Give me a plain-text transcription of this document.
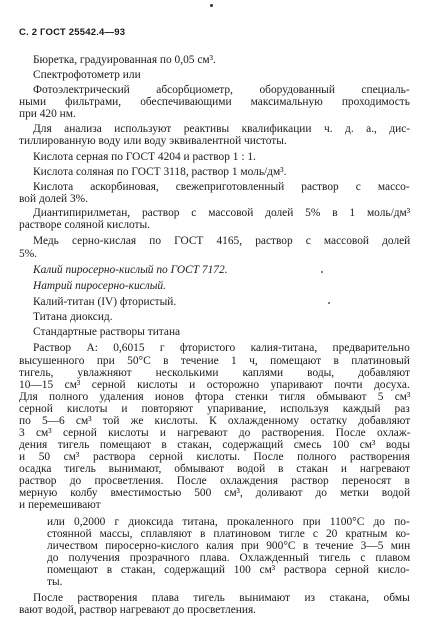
С. 2 ГОСТ 25542.4—93
Бюретка, градуированная по 0,05 см³.
Спектрофотометр или
Фотоэлектрический абсорбциометр, оборудованный специаль-
ными фильтрами, обеспечивающими максимальную проходимость
при 420 нм.
Для анализа используют реактивы квалификации ч. д. а., дис-
тиллированную воду или воду эквивалентной чистоты.
Кислота серная по ГОСТ 4204 и раствор 1 : 1.
Кислота соляная по ГОСТ 3118, раствор 1 моль/дм³.
Кислота аскорбиновая, свежеприготовленный раствор с массо-
вой долей 3%.
Диантипирилметан, раствор с массовой долей 5% в 1 моль/дм³
растворе соляной кислоты.
Медь серно-кислая по ГОСТ 4165, раствор с массовой долей
5%.
Калий пиросерно-кислый по ГОСТ 7172.
Натрий пиросерно-кислый.
Калий-титан (IV) фтористый.
Титана диоксид.
Стандартные растворы титана
Раствор А: 0,6015 г фтористого калия-титана, предварительно
высушенного при 50°С в течение 1 ч, помещают в платиновый
тигель, увлажняют несколькими каплями воды, добавляют
10—15 см³ серной кислоты и осторожно упаривают почти досуха.
Для полного удаления ионов фтора стенки тигля обмывают 5 см³
серной кислоты и повторяют упаривание, используя каждый раз
по 5—6 см³ той же кислоты. К охлажденному остатку добавляют
3 см³ серной кислоты и нагревают до растворения. После охлаж-
дения тигель помещают в стакан, содержащий смесь 100 см³ воды
и 50 см³ раствора серной кислоты. После полного растворения
осадка тигель вынимают, обмывают водой в стакан и нагревают
раствор до просветления. После охлаждения раствор переносят в
мерную колбу вместимостью 500 см³, доливают до метки водой
и перемешивают
или 0,2000 г диоксида титана, прокаленного при 1100°С до по-
стоянной массы, сплавляют в платиновом тигле с 20 кратным ко-
личеством пиросерно-кислого калия при 900°С в течение 3—5 мин
до получения прозрачного плава. Охлажденный тигель с плавом
помещают в стакан, содержащий 100 см³ раствора серной кисло-
ты.
После растворения плава тигель вынимают из стакана, обмы
вают водой, раствор нагревают до просветления.
